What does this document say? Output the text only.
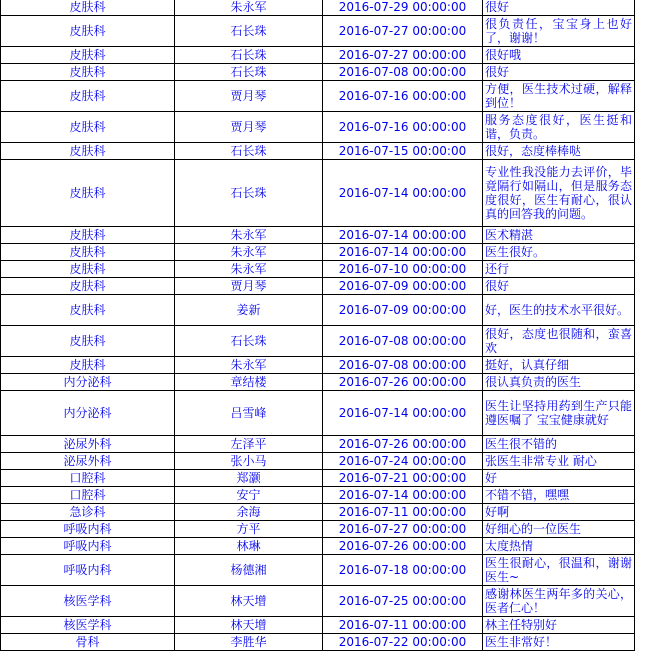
皮肤科	朱永军	2016-07-29 00:00:00	很好
皮肤科	石长珠	2016-07-27 00:00:00	很负责任，宝宝身上也好了，谢谢！
皮肤科	石长珠	2016-07-27 00:00:00	很好哦
皮肤科	石长珠	2016-07-08 00:00:00	很好
皮肤科	贾月琴	2016-07-16 00:00:00	方便，医生技术过硬，解释到位！
皮肤科	贾月琴	2016-07-16 00:00:00	服务态度很好，医生挺和谐，负责。
皮肤科	石长珠	2016-07-15 00:00:00	很好，态度棒棒哒
皮肤科	石长珠	2016-07-14 00:00:00	专业性我没能力去评价，毕竟隔行如隔山，但是服务态度很好，医生有耐心，很认真的回答我的问题。
皮肤科	朱永军	2016-07-14 00:00:00	医术精湛
皮肤科	朱永军	2016-07-14 00:00:00	医生很好。
皮肤科	朱永军	2016-07-10 00:00:00	还行
皮肤科	贾月琴	2016-07-09 00:00:00	很好
皮肤科	姜新	2016-07-09 00:00:00	好，医生的技术水平很好。
皮肤科	石长珠	2016-07-08 00:00:00	很好，态度也很随和，蛮喜欢
皮肤科	朱永军	2016-07-08 00:00:00	挺好，认真仔细
内分泌科	章结楼	2016-07-26 00:00:00	很认真负责的医生
内分泌科	吕雪峰	2016-07-14 00:00:00	医生让坚持用药到生产只能遵医嘱了 宝宝健康就好
泌尿外科	左泽平	2016-07-26 00:00:00	医生很不错的
泌尿外科	张小马	2016-07-24 00:00:00	张医生非常专业 耐心
口腔科	郑灏	2016-07-21 00:00:00	好
口腔科	安宁	2016-07-14 00:00:00	不错不错，嘿嘿
急诊科	余海	2016-07-11 00:00:00	好啊
呼吸内科	方平	2016-07-27 00:00:00	好细心的一位医生
呼吸内科	林琳	2016-07-26 00:00:00	太度热情
呼吸内科	杨德湘	2016-07-18 00:00:00	医生很耐心，很温和，谢谢医生~
核医学科	林天增	2016-07-25 00:00:00	感谢林医生两年多的关心，医者仁心！
核医学科	林天增	2016-07-11 00:00:00	林主任特别好
骨科	李胜华	2016-07-22 00:00:00	医生非常好！
